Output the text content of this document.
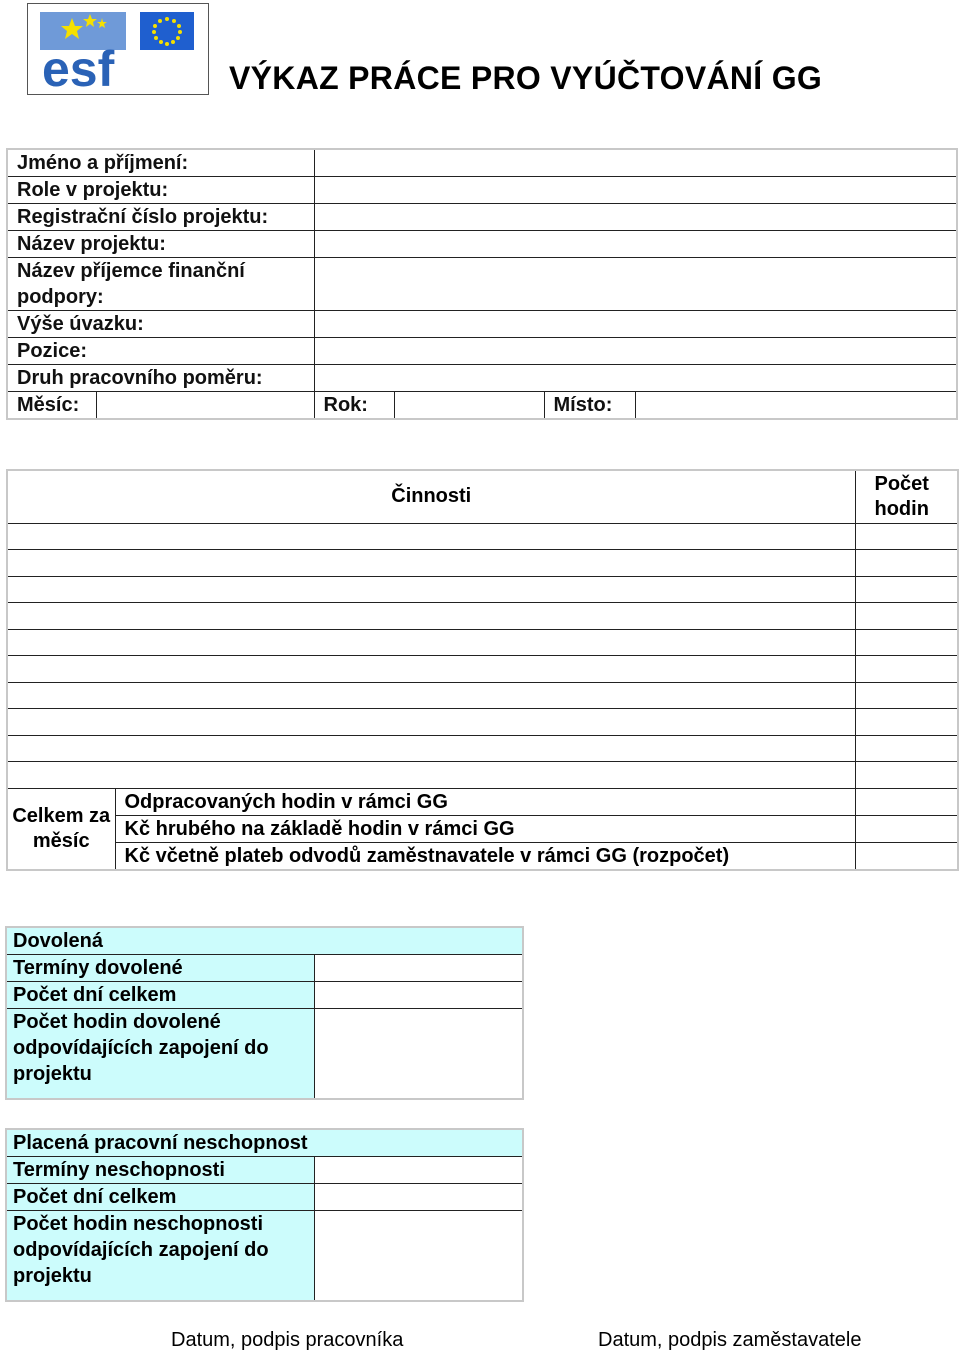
esf	VÝKAZ PRÁCE PRO VYÚČTOVÁNÍ GG
Jméno a příjmení:					
Role v projektu:					
Registrační číslo projektu:					
Název projektu:					
Název příjemce finanční podpory:					
Výše úvazku:					
Pozice:					
Druh pracovního poměru:					
Měsíc:		Rok:		Místo:	
Činnosti		Počet hodin

Celkem za měsíc	Odpracovaných hodin v rámci GG	
	Kč hrubého na základě hodin v rámci GG	
	Kč včetně plateb odvodů zaměstnavatele v rámci GG (rozpočet)	
Dovolená	
Termíny dovolené	
Počet dní celkem	
Počet hodin dovolené odpovídajících zapojení do projektu	
Placená pracovní neschopnost	
Termíny neschopnosti	
Počet dní celkem	
Počet hodin neschopnosti odpovídajících zapojení do projektu	
Datum, podpis pracovníka	Datum, podpis zaměstavatele
